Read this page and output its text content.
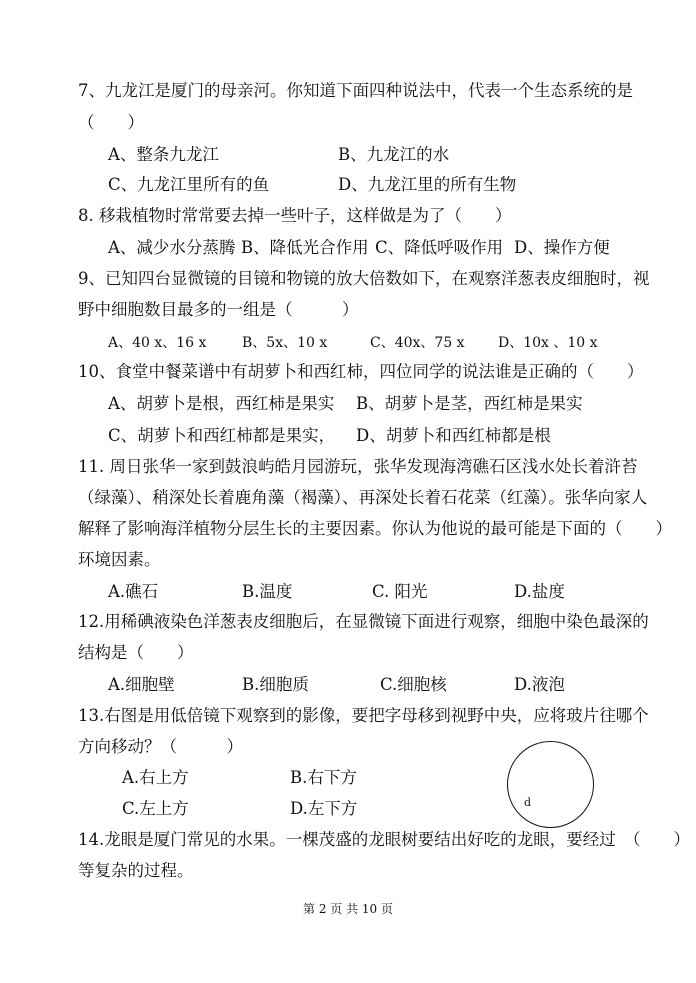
7、九龙江是厦门的母亲河。你知道下面四种说法中，代表一个生态系统的是
（　　）
A、整条九龙江	B、九龙江的水
C、九龙江里所有的鱼	D、九龙江里的所有生物
8. 移栽植物时常常要去掉一些叶子，这样做是为了（　　）
A、减少水分蒸腾 B、降低光合作用 C、降低呼吸作用 D、操作方便
9、已知四台显微镜的目镜和物镜的放大倍数如下，在观察洋葱表皮细胞时，视
野中细胞数目最多的一组是（　　　）
A、40 x、16 x	B、5x、10 x	C、40x、75 x D、10x 、10 x
10、食堂中餐菜谱中有胡萝卜和西红柿，四位同学的说法谁是正确的（　　）
A、胡萝卜是根，西红柿是果实 B、胡萝卜是茎，西红柿是果实
C、胡萝卜和西红柿都是果实， D、胡萝卜和西红柿都是根
11. 周日张华一家到鼓浪屿皓月园游玩，张华发现海湾礁石区浅水处长着浒苔
（绿藻）、稍深处长着鹿角藻（褐藻）、再深处长着石花菜（红藻）。张华向家人
解释了影响海洋植物分层生长的主要因素。你认为他说的最可能是下面的（　　）
环境因素。
A.礁石	B.温度	C. 阳光	D.盐度
12.用稀碘液染色洋葱表皮细胞后，在显微镜下面进行观察，细胞中染色最深的
结构是（　　）
A.细胞壁	B.细胞质	C.细胞核	D.液泡
13.右图是用低倍镜下观察到的影像，要把字母移到视野中央，应将玻片往哪个
方向移动？（　　　）
A.右上方	B.右下方
C.左上方	D.左下方	d
14.龙眼是厦门常见的水果。一棵茂盛的龙眼树要结出好吃的龙眼，要经过　（　　）
等复杂的过程。
第 2 页 共 10 页
